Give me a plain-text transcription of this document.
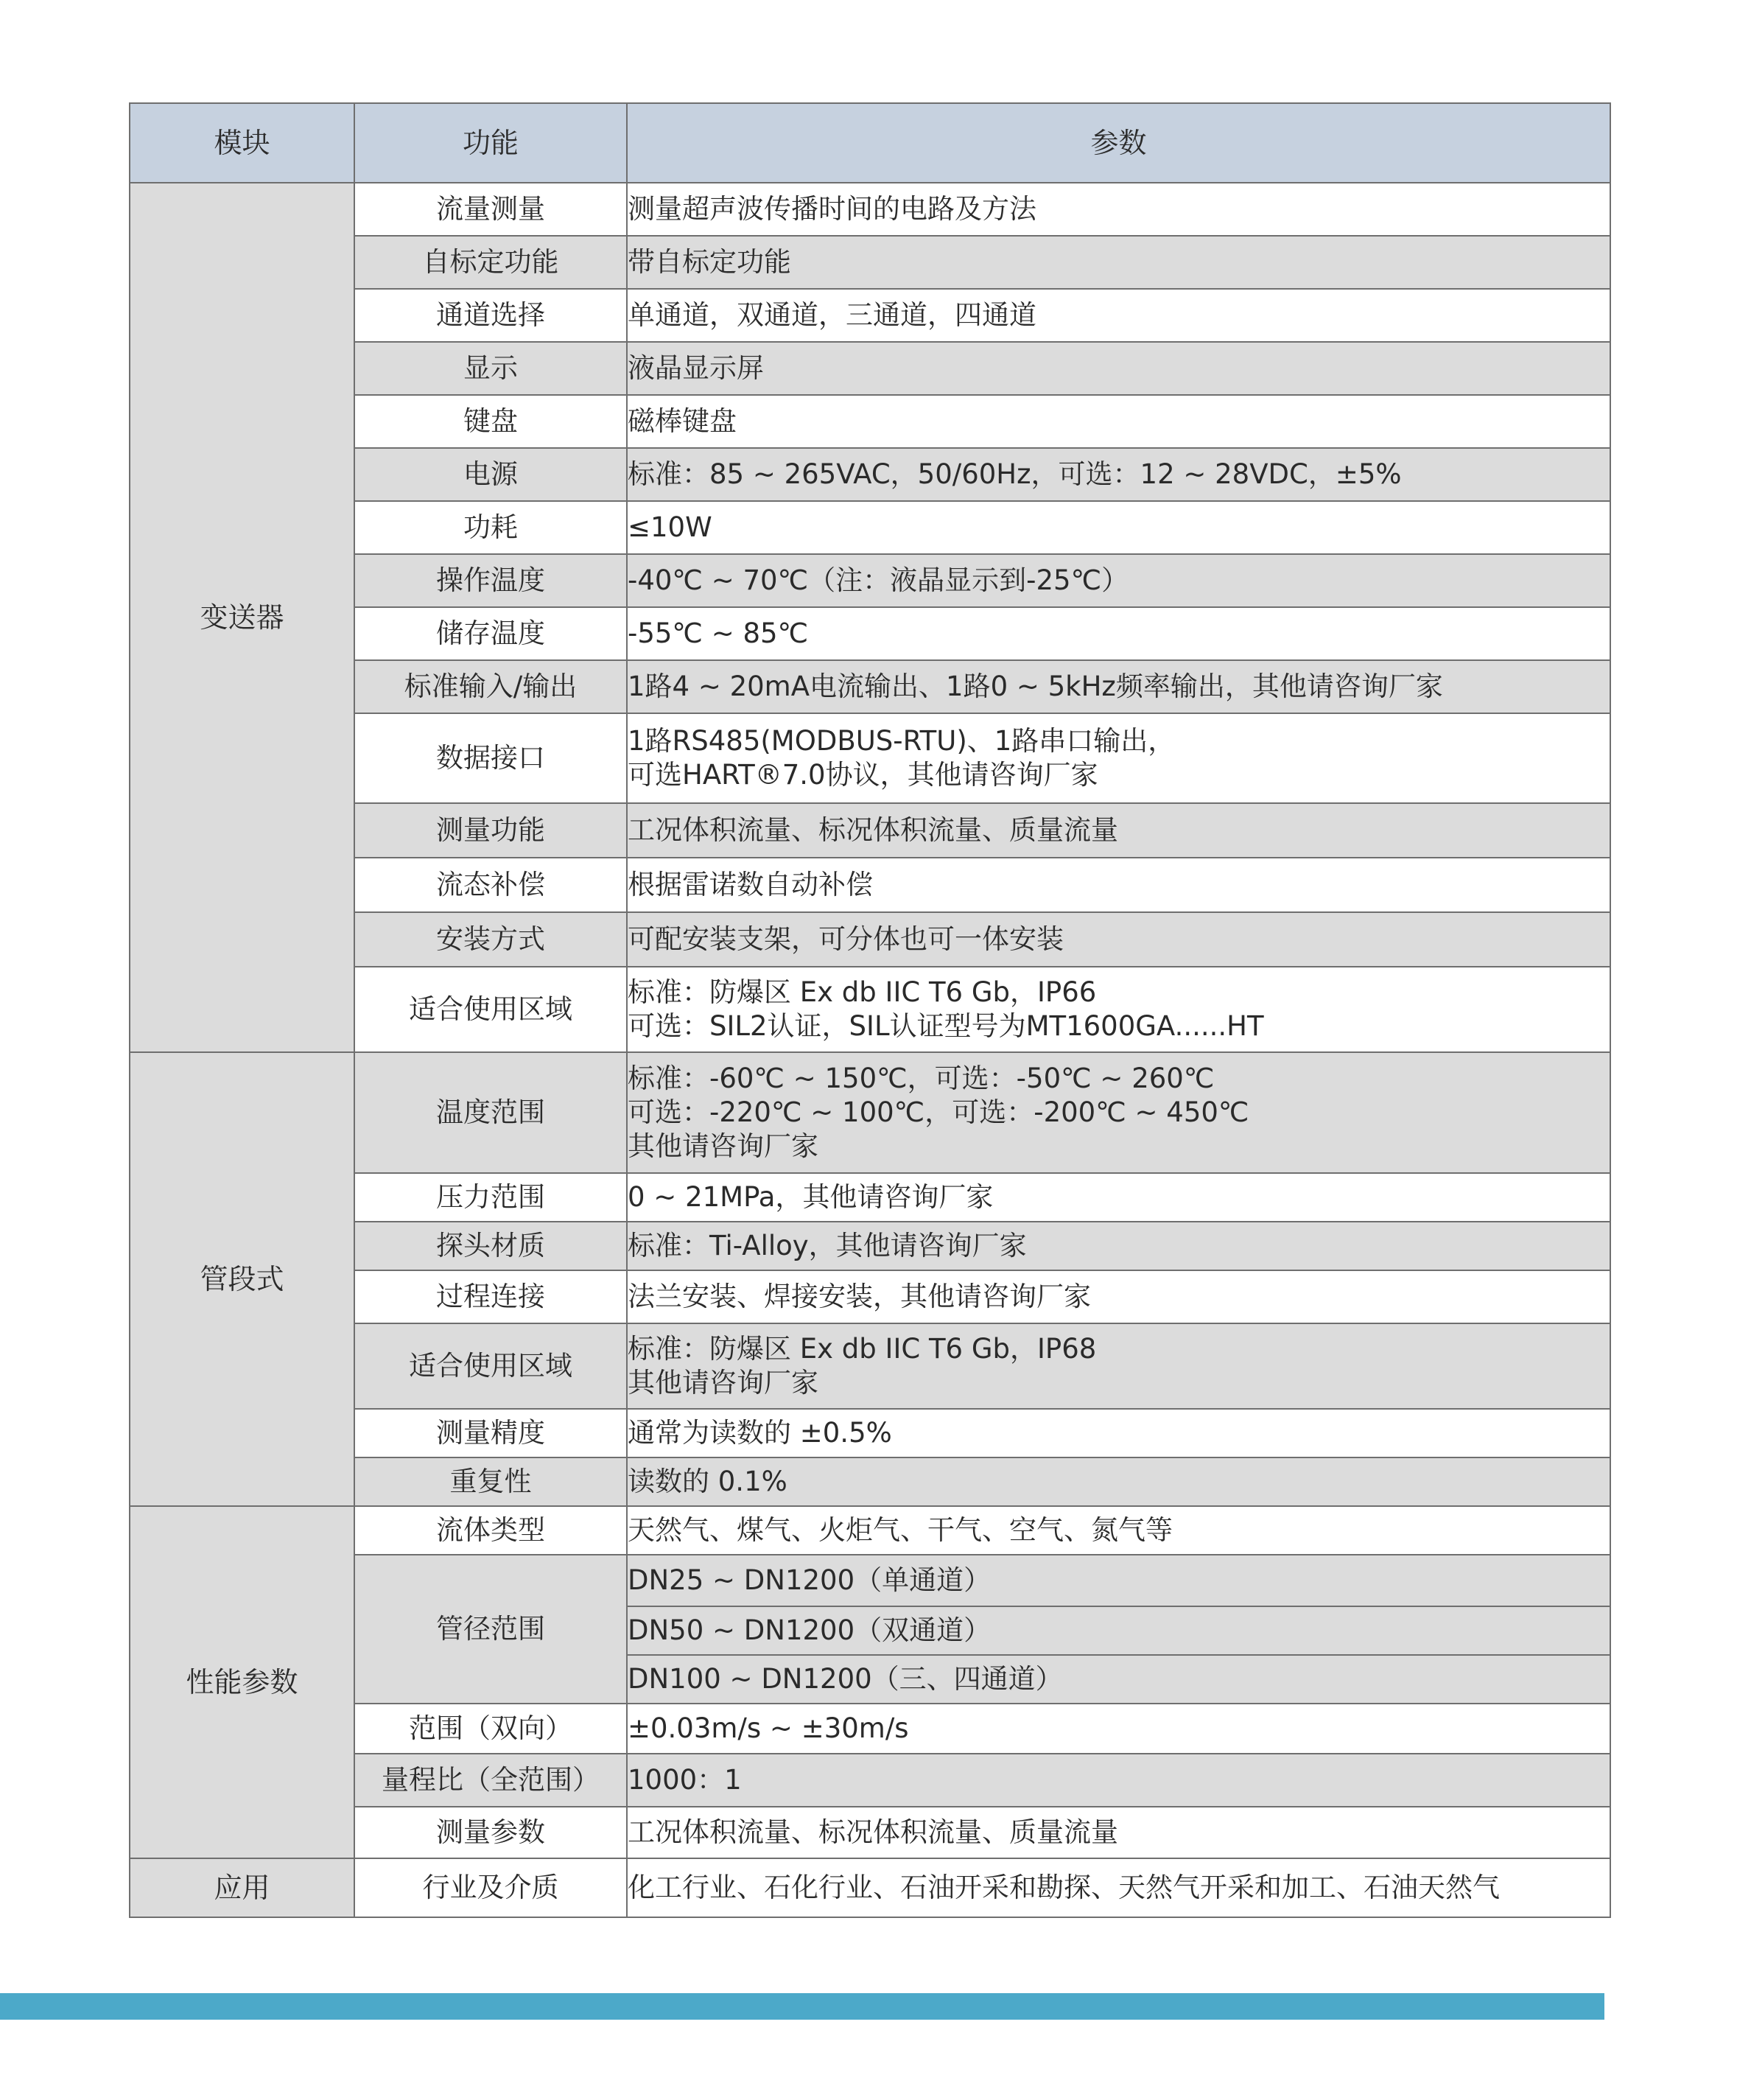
模块	功能	参数
变送器	流量测量	测量超声波传播时间的电路及方法

	自标定功能	带自标定功能

	通道选择	单通道，双通道，三通道，四通道

	显示	液晶显示屏

	键盘	磁棒键盘

	电源	标准：85 ~ 265VAC，50/60Hz，可选：12 ~ 28VDC，±5%

	功耗	≤10W

	操作温度	-40℃ ~ 70℃（注：液晶显示到-25℃）

	储存温度	-55℃ ~ 85℃

	标准输入/输出	1路4 ~ 20mA电流输出、1路0 ~ 5kHz频率输出，其他请咨询厂家

	数据接口	1路RS485(MODBUS-RTU)、1路串口输出，
可选HART®7.0协议，其他请咨询厂家

	测量功能	工况体积流量、标况体积流量、质量流量

	流态补偿	根据雷诺数自动补偿

	安装方式	可配安装支架，可分体也可一体安装

	适合使用区域	标准：防爆区 Ex db IIC T6 Gb，IP66
可选：SIL2认证，SIL认证型号为MT1600GA......HT

管段式	温度范围	标准：-60℃ ~ 150℃，可选：-50℃ ~ 260℃
可选：-220℃ ~ 100℃，可选：-200℃ ~ 450℃
其他请咨询厂家

	压力范围	0 ~ 21MPa，其他请咨询厂家

	探头材质	标准：Ti-Alloy，其他请咨询厂家

	过程连接	法兰安装、焊接安装，其他请咨询厂家

	适合使用区域	标准：防爆区 Ex db IIC T6 Gb，IP68
其他请咨询厂家

	测量精度	通常为读数的 ±0.5%

	重复性	读数的 0.1%

性能参数	流体类型	天然气、煤气、火炬气、干气、空气、氮气等

	管径范围	DN25 ~ DN1200（单通道）

		DN50 ~ DN1200（双通道）

		DN100 ~ DN1200（三、四通道）

	范围（双向）	±0.03m/s ~ ±30m/s

	量程比（全范围）	1000：1

	测量参数	工况体积流量、标况体积流量、质量流量

应用	行业及介质	化工行业、石化行业、石油开采和勘探、天然气开采和加工、石油天然气
